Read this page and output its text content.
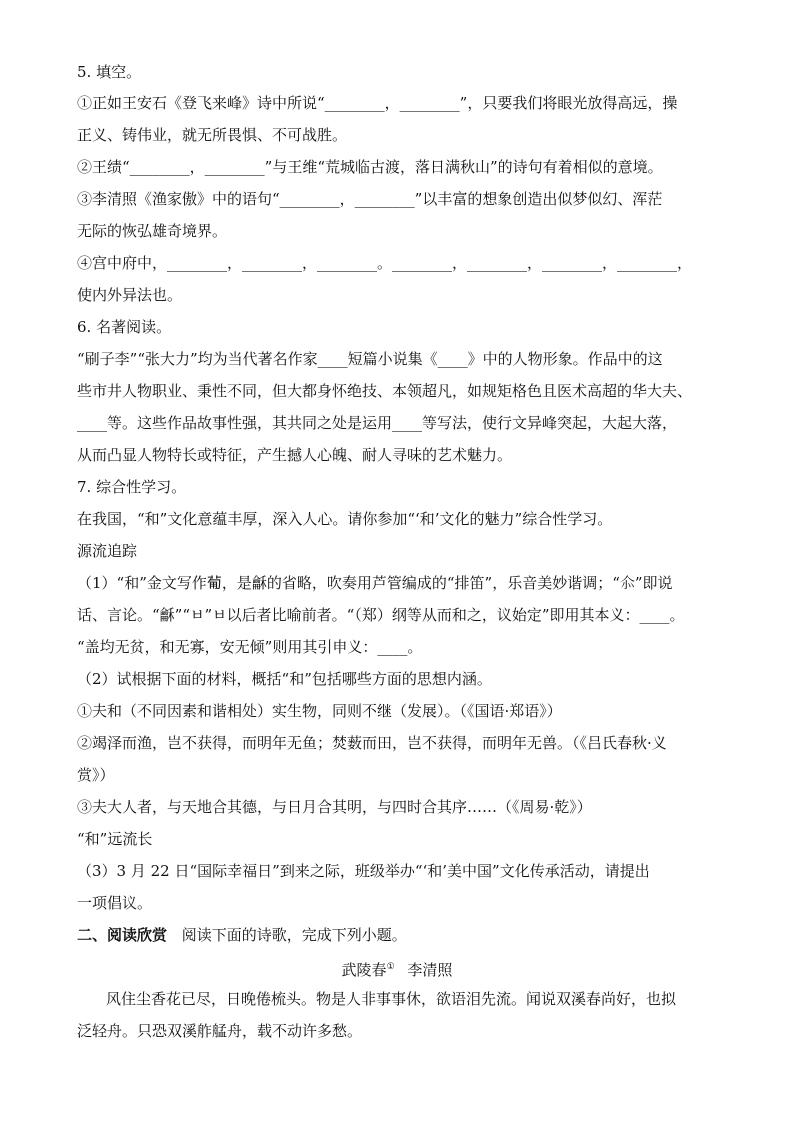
5. 填空。
①正如王安石《登飞来峰》诗中所说“________，________”，只要我们将眼光放得高远，操
正义、铸伟业，就无所畏惧、不可战胜。
②王绩“________，________”与王维“荒城临古渡，落日满秋山”的诗句有着相似的意境。
③李清照《渔家傲》中的语句“________，________”以丰富的想象创造出似梦似幻、浑茫
无际的恢弘雄奇境界。
④宫中府中，________，________，________。________，________，________，________，
使内外异法也。
6. 名著阅读。
“刷子李”“张大力”均为当代著名作家____短篇小说集《____》中的人物形象。作品中的这
些市井人物职业、秉性不同，但大都身怀绝技、本领超凡，如规矩格色且医术高超的华大夫、
____等。这些作品故事性强，其共同之处是运用____等写法，使行文异峰突起，大起大落，
从而凸显人物特长或特征，产生撼人心魄、耐人寻味的艺术魅力。
7. 综合性学习。
在我国，“和”文化意蕴丰厚，深入人心。请你参加“‘和’文化的魅力”综合性学习。
源流追踪
（1）“和”金文写作𤰈，是龢的省略，吹奏用芦管编成的“排笛”，乐音美妙谐调；“𠇍”即说
话、言论。“龢”“ㅂ”ㅂ以后者比喻前者。“（郑）纲等从而和之，议始定”即用其本义：____。
“盖均无贫，和无寡，安无倾”则用其引申义：____。
（2）试根据下面的材料，概括“和”包括哪些方面的思想内涵。
①夫和（不同因素和谐相处）实生物，同则不继（发展）。（《国语·郑语》）
②竭泽而渔，岂不获得，而明年无鱼；焚薮而田，岂不获得，而明年无兽。（《吕氏春秋·义
赏》）
③夫大人者，与天地合其德，与日月合其明，与四时合其序……（《周易·乾》）
“和”远流长
（3）3 月 22 日“国际幸福日”到来之际，班级举办“‘和’美中国”文化传承活动，请提出
一项倡议。
二、阅读欣赏 阅读下面的诗歌，完成下列小题。
武陵春① 李清照
风住尘香花已尽，日晚倦梳头。物是人非事事休，欲语泪先流。闻说双溪春尚好，也拟
泛轻舟。只恐双溪舴艋舟，载不动许多愁。
